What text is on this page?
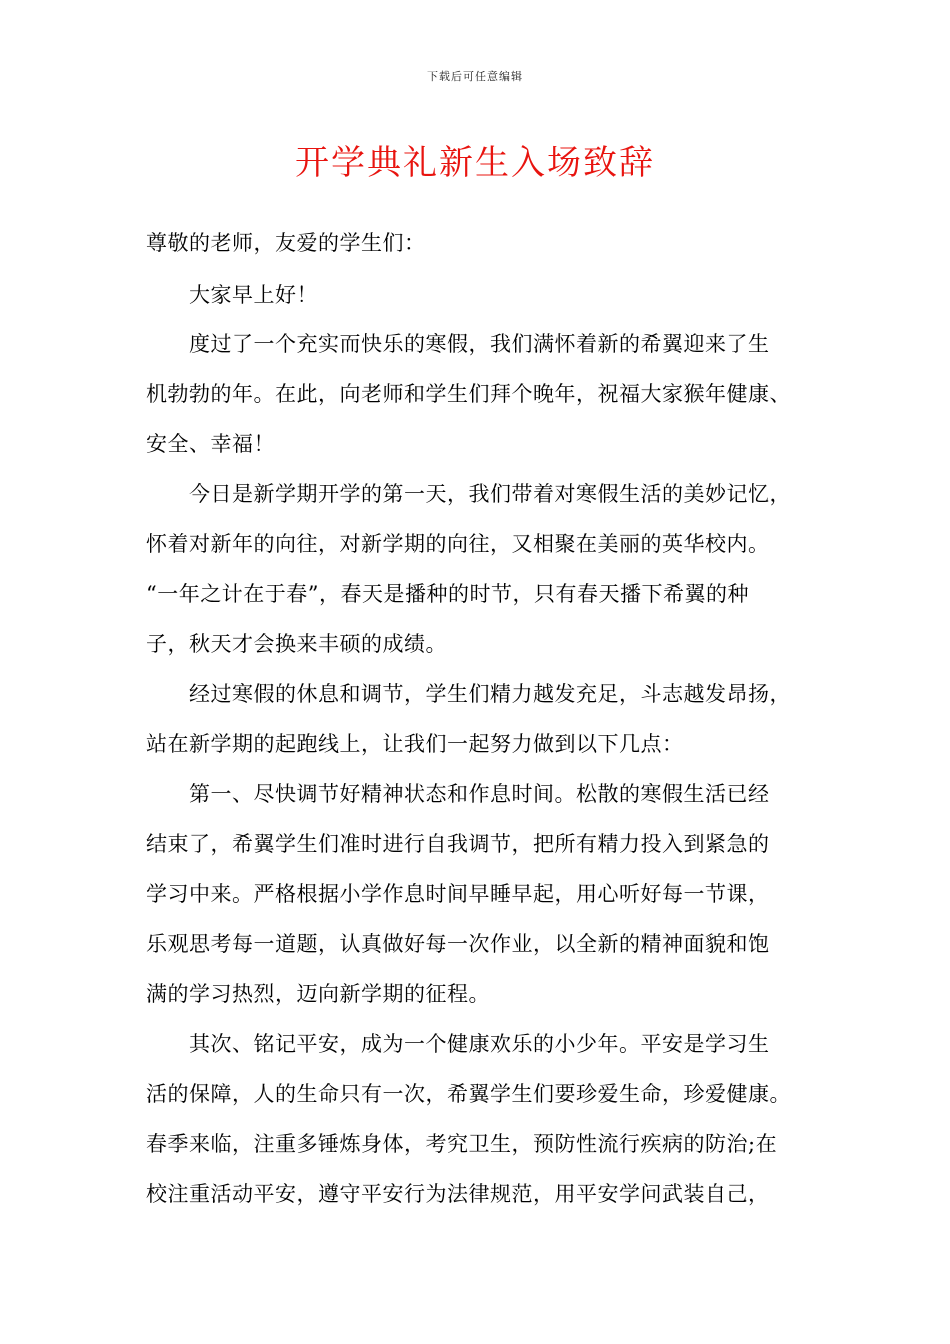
下载后可任意编辑
开学典礼新生入场致辞
尊敬的老师，友爱的学生们：
　　大家早上好！
　　度过了一个充实而快乐的寒假，我们满怀着新的希翼迎来了生
机勃勃的年。在此，向老师和学生们拜个晚年，祝福大家猴年健康、
安全、幸福！
　　今日是新学期开学的第一天，我们带着对寒假生活的美妙记忆，
怀着对新年的向往，对新学期的向往，又相聚在美丽的英华校内。
“一年之计在于春”，春天是播种的时节，只有春天播下希翼的种
子，秋天才会换来丰硕的成绩。
　　经过寒假的休息和调节，学生们精力越发充足，斗志越发昂扬，
站在新学期的起跑线上，让我们一起努力做到以下几点：
　　第一、尽快调节好精神状态和作息时间。松散的寒假生活已经
结束了，希翼学生们准时进行自我调节，把所有精力投入到紧急的
学习中来。严格根据小学作息时间早睡早起，用心听好每一节课，
乐观思考每一道题，认真做好每一次作业，以全新的精神面貌和饱
满的学习热烈，迈向新学期的征程。
　　其次、铭记平安，成为一个健康欢乐的小少年。平安是学习生
活的保障，人的生命只有一次，希翼学生们要珍爱生命，珍爱健康。
春季来临，注重多锤炼身体，考究卫生，预防性流行疾病的防治;在
校注重活动平安，遵守平安行为法律规范，用平安学问武装自己，
